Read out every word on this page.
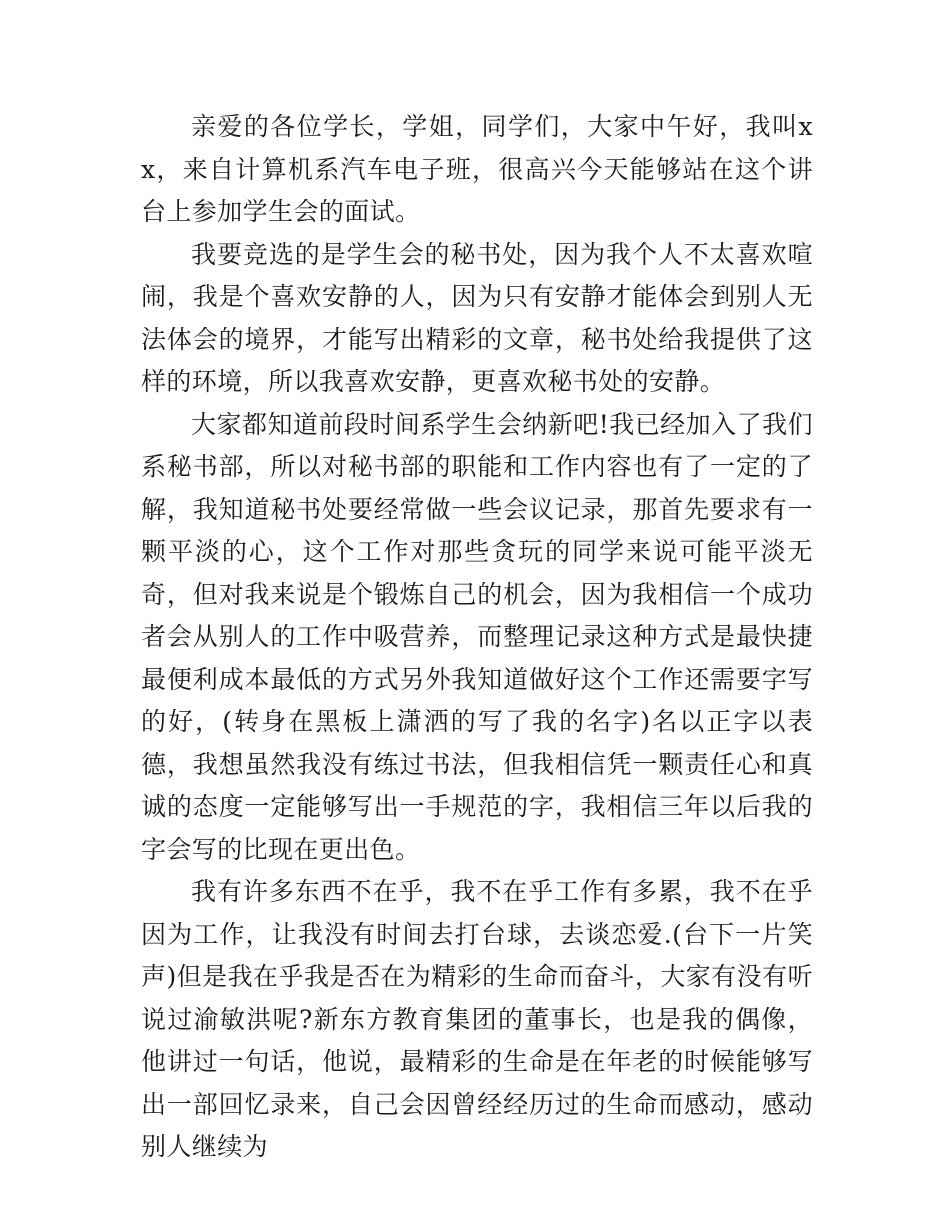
亲爱的各位学长，学姐，同学们，大家中午好，我叫xx，来自计算机系汽车电子班，很高兴今天能够站在这个讲台上参加学生会的面试。

我要竞选的是学生会的秘书处，因为我个人不太喜欢喧闹，我是个喜欢安静的人，因为只有安静才能体会到别人无法体会的境界，才能写出精彩的文章，秘书处给我提供了这样的环境，所以我喜欢安静，更喜欢秘书处的安静。

大家都知道前段时间系学生会纳新吧!我已经加入了我们系秘书部，所以对秘书部的职能和工作内容也有了一定的了解，我知道秘书处要经常做一些会议记录，那首先要求有一颗平淡的心，这个工作对那些贪玩的同学来说可能平淡无奇，但对我来说是个锻炼自己的机会，因为我相信一个成功者会从别人的工作中吸营养，而整理记录这种方式是最快捷最便利成本最低的方式另外我知道做好这个工作还需要字写的好，(转身在黑板上潇洒的写了我的名字)名以正字以表德，我想虽然我没有练过书法，但我相信凭一颗责任心和真诚的态度一定能够写出一手规范的字，我相信三年以后我的字会写的比现在更出色。

我有许多东西不在乎，我不在乎工作有多累，我不在乎因为工作，让我没有时间去打台球，去谈恋爱.(台下一片笑声)但是我在乎我是否在为精彩的生命而奋斗，大家有没有听说过渝敏洪呢?新东方教育集团的董事长，也是我的偶像，他讲过一句话，他说，最精彩的生命是在年老的时候能够写出一部回忆录来，自己会因曾经经历过的生命而感动，感动别人继续为
